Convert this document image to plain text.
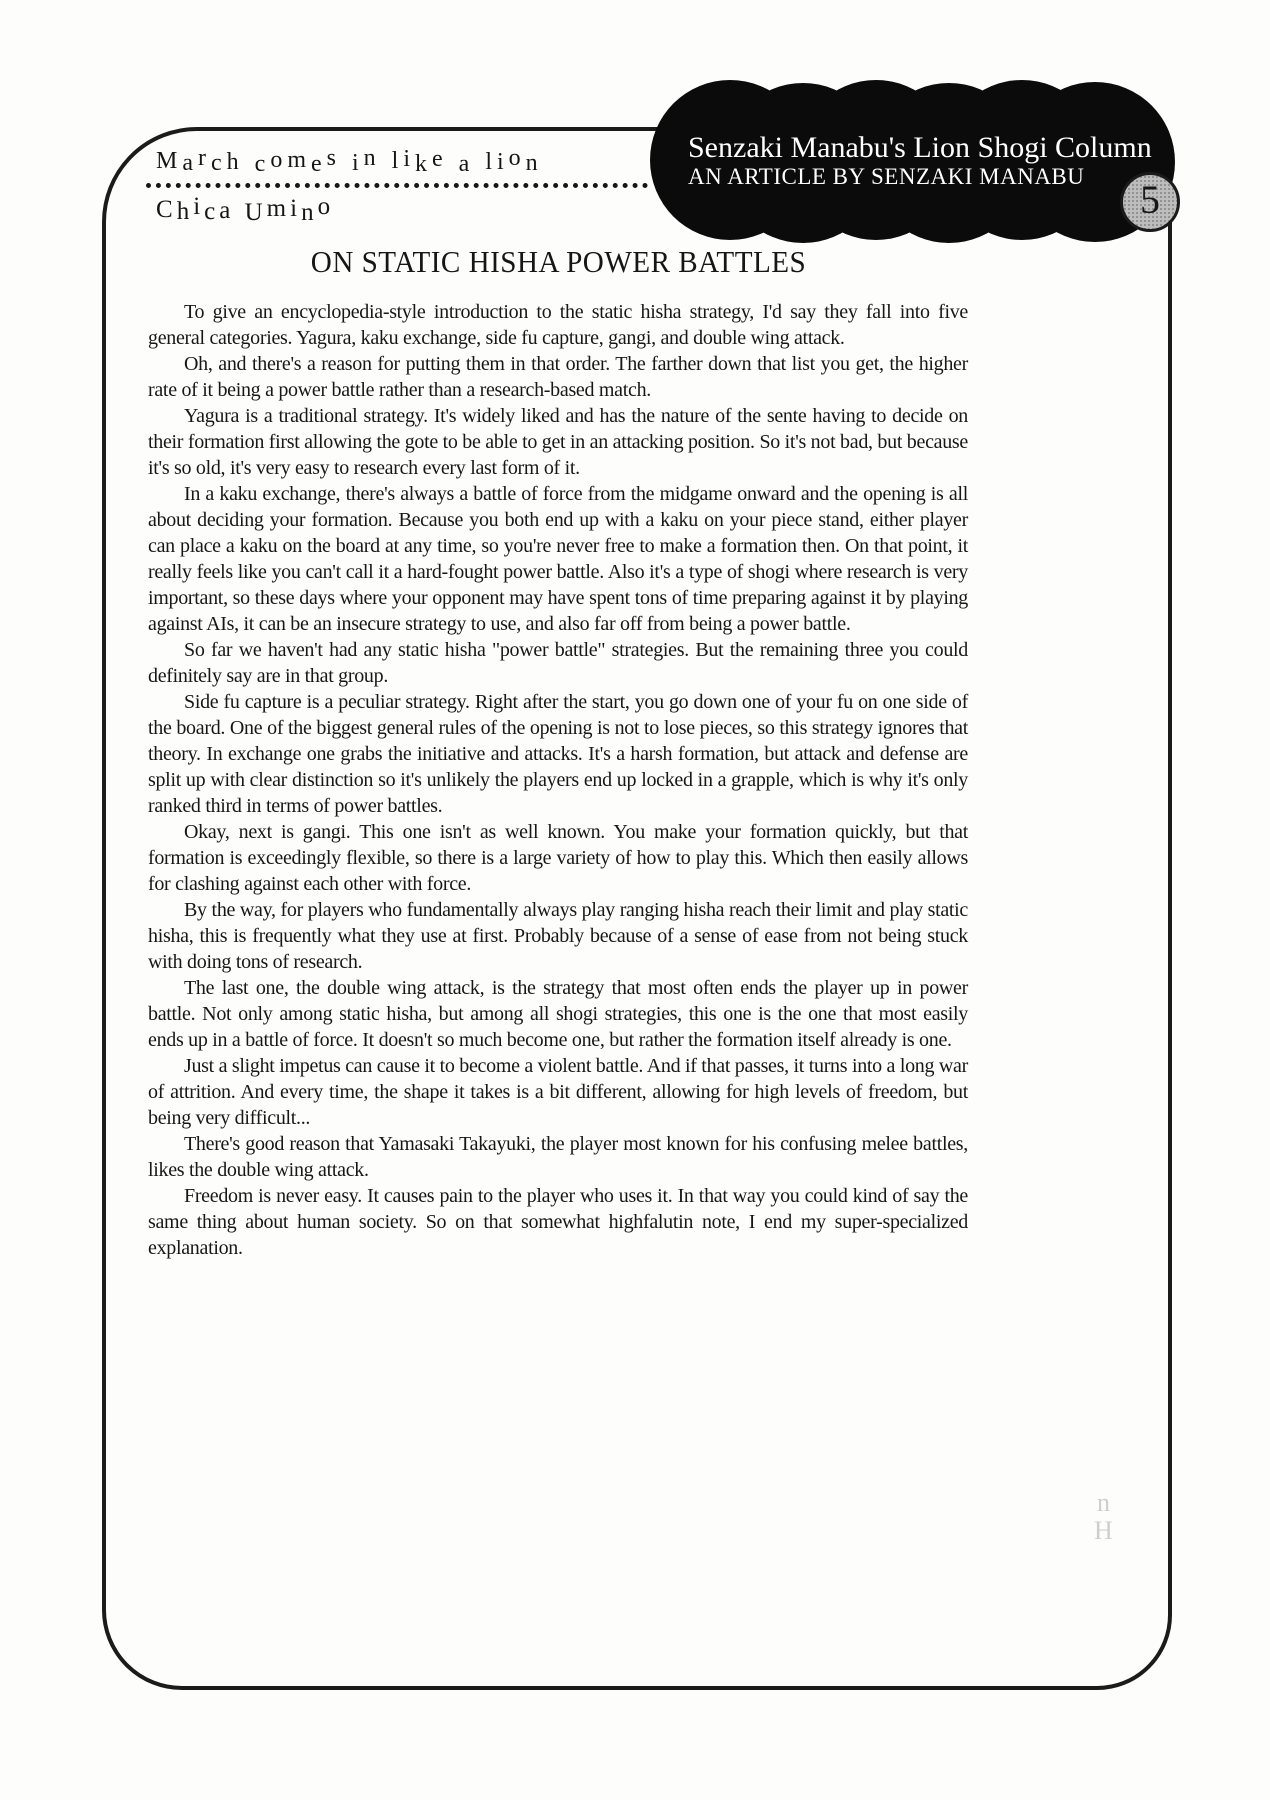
March comes in like a lion
Chica Umino
Senzaki Manabu's Lion Shogi Column
AN ARTICLE BY SENZAKI MANABU
5
ON STATIC HISHA POWER BATTLES

To give an encyclopedia-style introduction to the static hisha strategy, I'd say they fall into five general categories. Yagura, kaku exchange, side fu capture, gangi, and double wing attack.

Oh, and there's a reason for putting them in that order. The farther down that list you get, the higher rate of it being a power battle rather than a research-based match.

Yagura is a traditional strategy. It's widely liked and has the nature of the sente having to decide on their formation first allowing the gote to be able to get in an attacking position. So it's not bad, but because it's so old, it's very easy to research every last form of it.

In a kaku exchange, there's always a battle of force from the midgame onward and the opening is all about deciding your formation. Because you both end up with a kaku on your piece stand, either player can place a kaku on the board at any time, so you're never free to make a formation then. On that point, it really feels like you can't call it a hard-fought power battle. Also it's a type of shogi where research is very important, so these days where your opponent may have spent tons of time preparing against it by playing against AIs, it can be an insecure strategy to use, and also far off from being a power battle.

So far we haven't had any static hisha "power battle" strategies. But the remaining three you could definitely say are in that group.

Side fu capture is a peculiar strategy. Right after the start, you go down one of your fu on one side of the board. One of the biggest general rules of the opening is not to lose pieces, so this strategy ignores that theory. In exchange one grabs the initiative and attacks. It's a harsh formation, but attack and defense are split up with clear distinction so it's unlikely the players end up locked in a grapple, which is why it's only ranked third in terms of power battles.

Okay, next is gangi. This one isn't as well known. You make your formation quickly, but that formation is exceedingly flexible, so there is a large variety of how to play this. Which then easily allows for clashing against each other with force.

By the way, for players who fundamentally always play ranging hisha reach their limit and play static hisha, this is frequently what they use at first. Probably because of a sense of ease from not being stuck with doing tons of research.

The last one, the double wing attack, is the strategy that most often ends the player up in power battle. Not only among static hisha, but among all shogi strategies, this one is the one that most easily ends up in a battle of force. It doesn't so much become one, but rather the formation itself already is one.

Just a slight impetus can cause it to become a violent battle. And if that passes, it turns into a long war of attrition. And every time, the shape it takes is a bit different, allowing for high levels of freedom, but being very difficult...

There's good reason that Yamasaki Takayuki, the player most known for his confusing melee battles, likes the double wing attack.

Freedom is never easy. It causes pain to the player who uses it. In that way you could kind of say the same thing about human society. So on that somewhat highfalutin note, I end my super-specialized explanation.

n
H
